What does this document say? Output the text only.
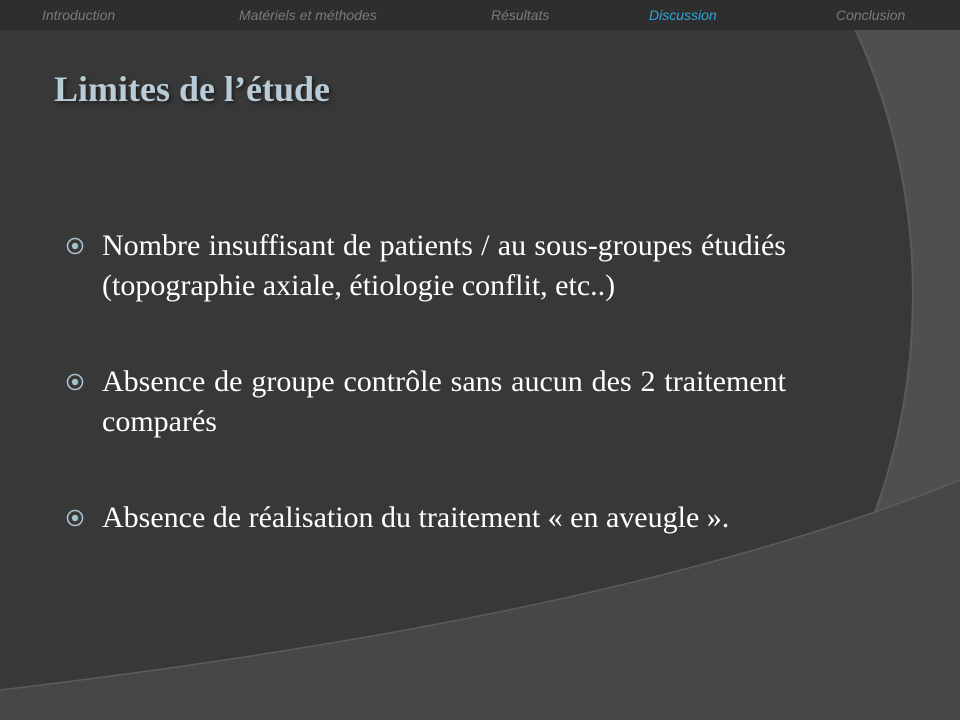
Introduction	Matériels et méthodes	Résultats	Discussion	Conclusion
Limites de l’étude
Nombre insuffisant de patients / au sous-groupes étudiés (topographie axiale, étiologie conflit, etc..)
Absence de groupe contrôle sans aucun des 2 traitement comparés
Absence de réalisation du traitement « en aveugle ».
